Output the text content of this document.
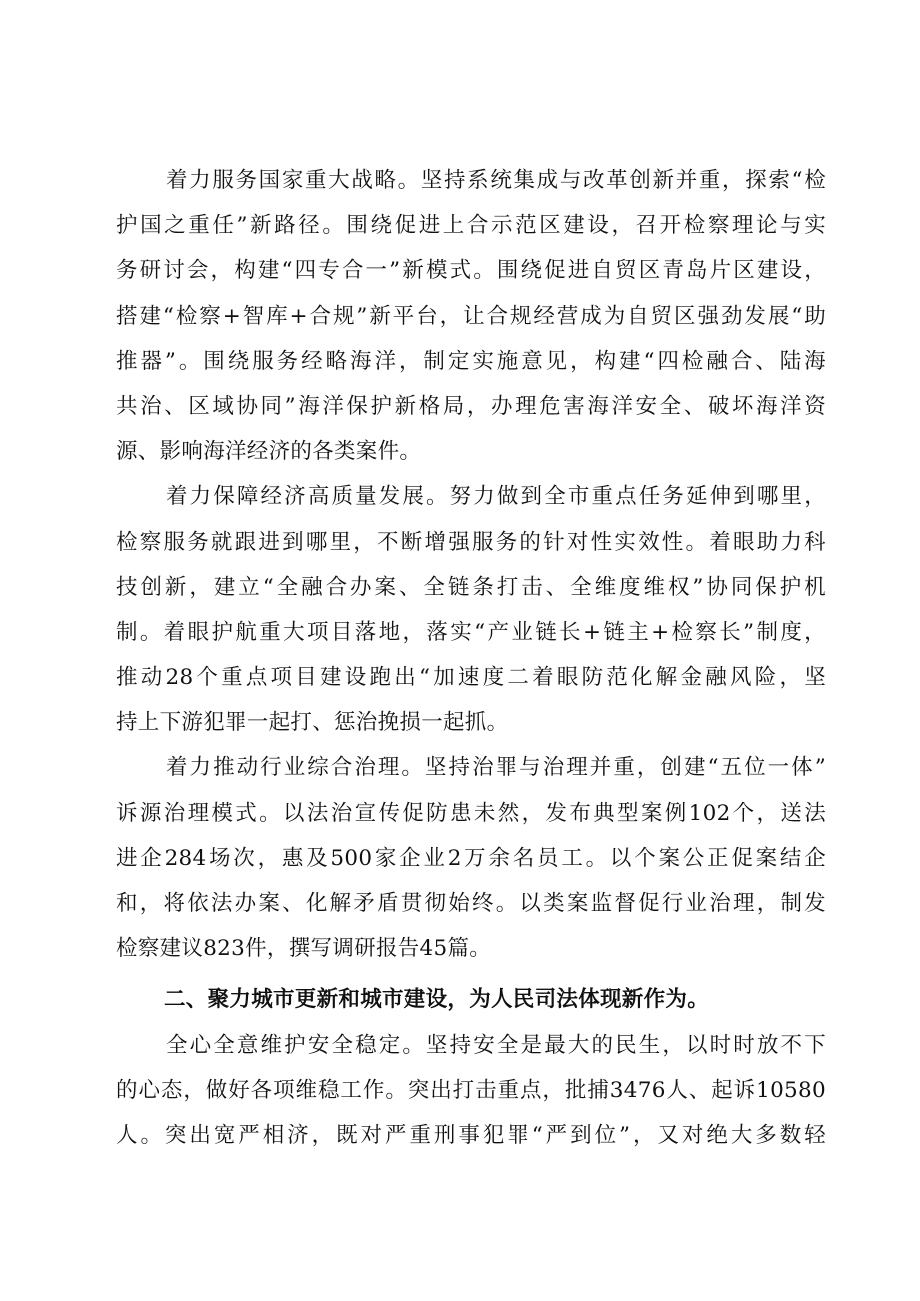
着力服务国家重大战略。坚持系统集成与改革创新并重，探索“检
护国之重任”新路径。围绕促进上合示范区建设，召开检察理论与实
务研讨会，构建“四专合一”新模式。围绕促进自贸区青岛片区建设，
搭建“检察+智库+合规”新平台，让合规经营成为自贸区强劲发展“助
推器”。围绕服务经略海洋，制定实施意见，构建“四检融合、陆海
共治、区域协同”海洋保护新格局，办理危害海洋安全、破坏海洋资
源、影响海洋经济的各类案件。
着力保障经济高质量发展。努力做到全市重点任务延伸到哪里，
检察服务就跟进到哪里，不断增强服务的针对性实效性。着眼助力科
技创新，建立“全融合办案、全链条打击、全维度维权”协同保护机
制。着眼护航重大项目落地，落实“产业链长+链主+检察长”制度，
推动28个重点项目建设跑出“加速度二着眼防范化解金融风险，坚
持上下游犯罪一起打、惩治挽损一起抓。
着力推动行业综合治理。坚持治罪与治理并重，创建“五位一体”
诉源治理模式。以法治宣传促防患未然，发布典型案例102个，送法
进企284场次，惠及500家企业2万余名员工。以个案公正促案结企
和，将依法办案、化解矛盾贯彻始终。以类案监督促行业治理，制发
检察建议823件，撰写调研报告45篇。
二、聚力城市更新和城市建设，为人民司法体现新作为。
全心全意维护安全稳定。坚持安全是最大的民生，以时时放不下
的心态，做好各项维稳工作。突出打击重点，批捕3476人、起诉10580
人。突出宽严相济，既对严重刑事犯罪“严到位”，又对绝大多数轻
